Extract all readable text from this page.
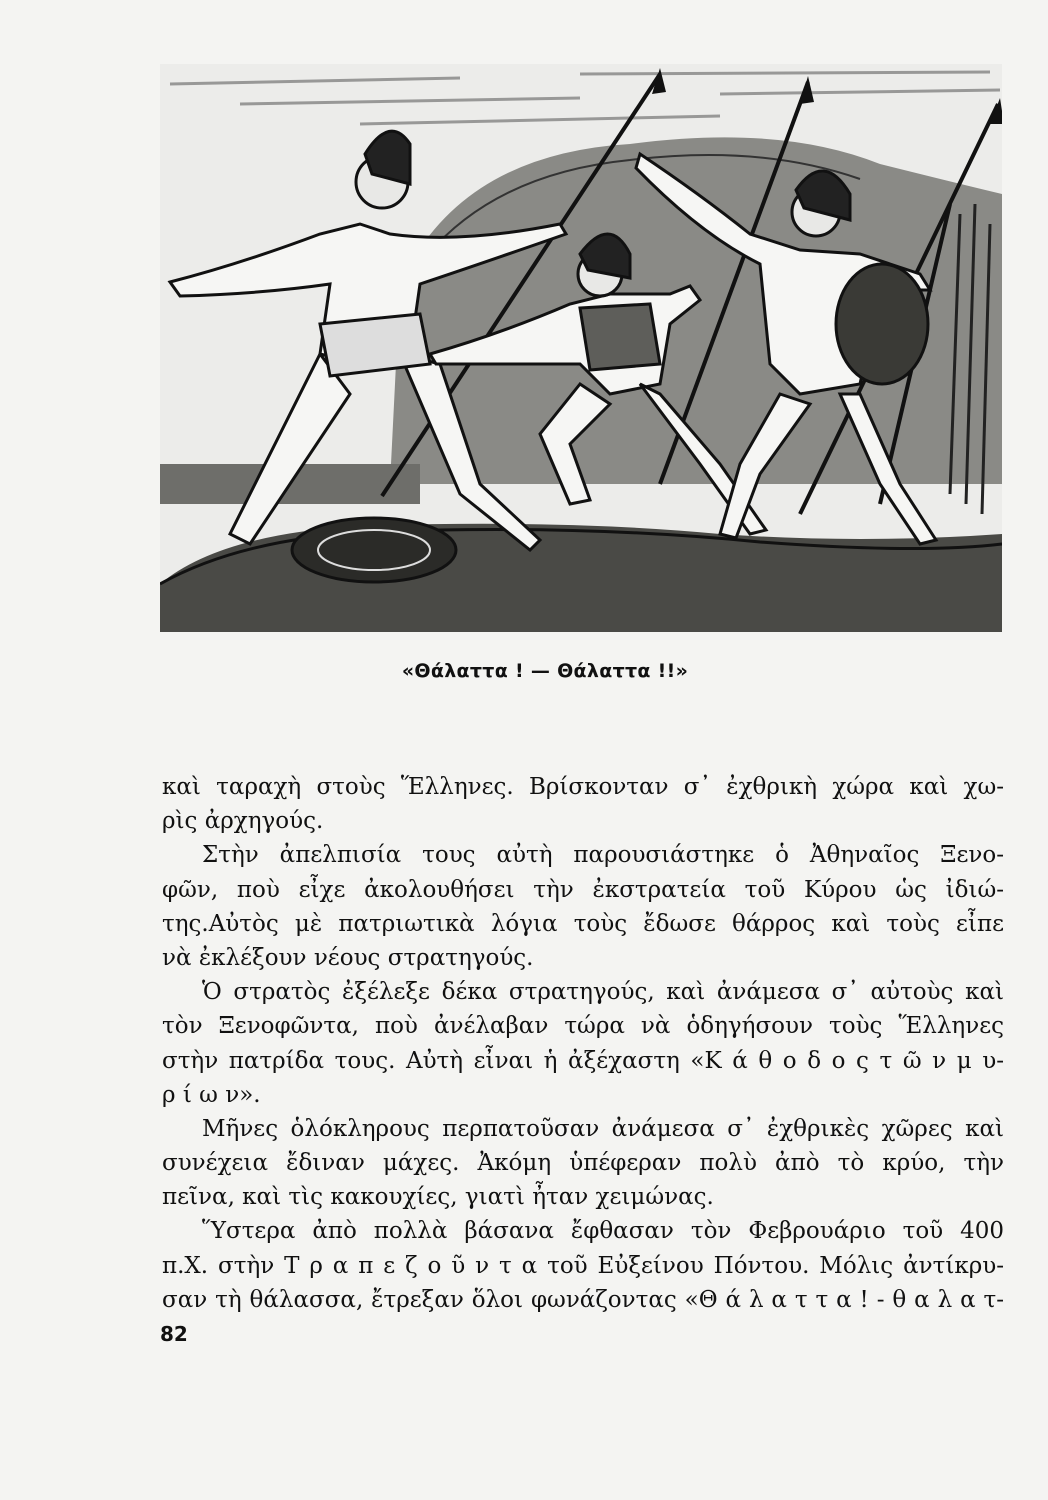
«Θάλαττα ! — Θάλαττα !!»
καὶ ταραχὴ στοὺς Ἕλληνες. Βρίσκονταν σ᾿ ἐχθρικὴ χώρα καὶ χω-
ρὶς ἀρχηγούς.
Στὴν ἀπελπισία τους αὐτὴ παρουσιάστηκε ὁ Ἀθηναῖος Ξενο-
φῶν, ποὺ εἶχε ἀκολουθήσει τὴν ἐκστρατεία τοῦ Κύρου ὡς ἰδιώ-
της.Αὐτὸς μὲ πατριωτικὰ λόγια τοὺς ἔδωσε θάρρος καὶ τοὺς εἶπε
νὰ ἐκλέξουν νέους στρατηγούς.
Ὁ στρατὸς ἐξέλεξε δέκα στρατηγούς, καὶ ἀνάμεσα σ᾿ αὐτοὺς καὶ
τὸν Ξενοφῶντα, ποὺ ἀνέλαβαν τώρα νὰ ὁδηγήσουν τοὺς Ἕλληνες
στὴν πατρίδα τους. Αὐτὴ εἶναι ἡ ἀξέχαστη «Κ ά θ ο δ ο ς τ ῶ ν μ υ-
ρ ί ω ν».
Μῆνες ὁλόκληρους περπατοῦσαν ἀνάμεσα σ᾿ ἐχθρικὲς χῶρες καὶ
συνέχεια ἔδιναν μάχες. Ἀκόμη ὑπέφεραν πολὺ ἀπὸ τὸ κρύο, τὴν
πεῖνα, καὶ τὶς κακουχίες, γιατὶ ἦταν χειμώνας.
Ὕστερα ἀπὸ πολλὰ βάσανα ἔφθασαν τὸν Φεβρουάριο τοῦ 400
π.Χ. στὴν Τ ρ α π ε ζ ο ῦ ν τ α τοῦ Εὐξείνου Πόντου. Μόλις ἀντίκρυ-
σαν τὴ θάλασσα, ἔτρεξαν ὅλοι φωνάζοντας «Θ ά λ α τ τ α ! - θ α λ α τ-
82
